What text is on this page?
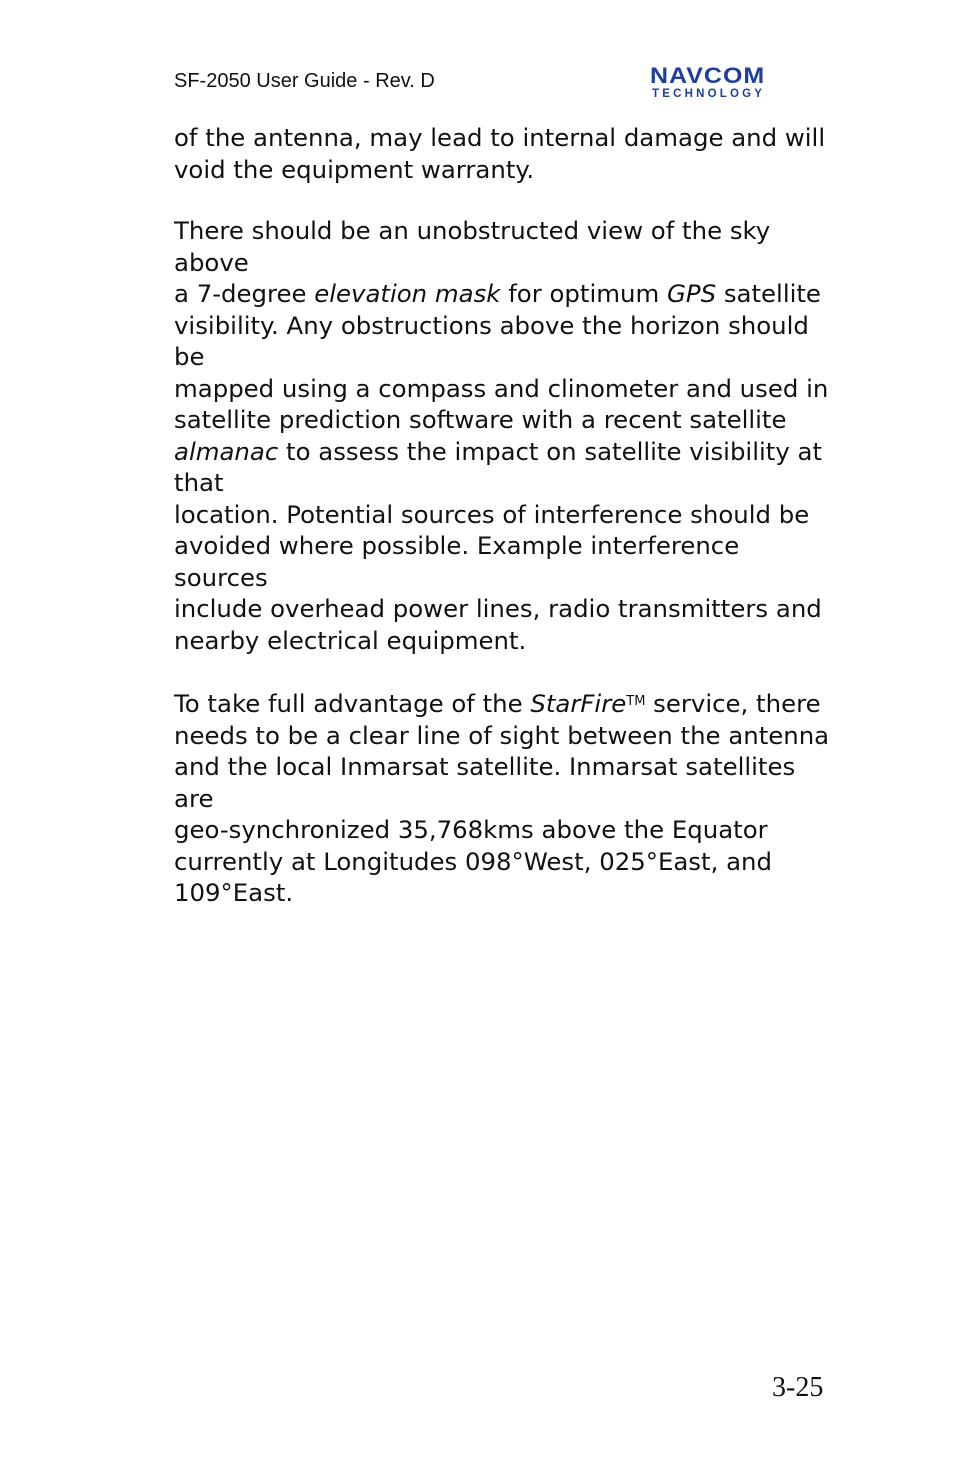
SF-2050 User Guide - Rev. D	NAVCOM
TECHNOLOGY

of the antenna, may lead to internal damage and will
void the equipment warranty.

There should be an unobstructed view of the sky above
a 7-degree elevation mask for optimum GPS satellite
visibility. Any obstructions above the horizon should be
mapped using a compass and clinometer and used in
satellite prediction software with a recent satellite
almanac to assess the impact on satellite visibility at that
location. Potential sources of interference should be
avoided where possible. Example interference sources
include overhead power lines, radio transmitters and
nearby electrical equipment.

To take full advantage of the StarFire™ service, there
needs to be a clear line of sight between the antenna
and the local Inmarsat satellite. Inmarsat satellites are
geo-synchronized 35,768kms above the Equator
currently at Longitudes 098°West, 025°East, and
109°East.

3-25
